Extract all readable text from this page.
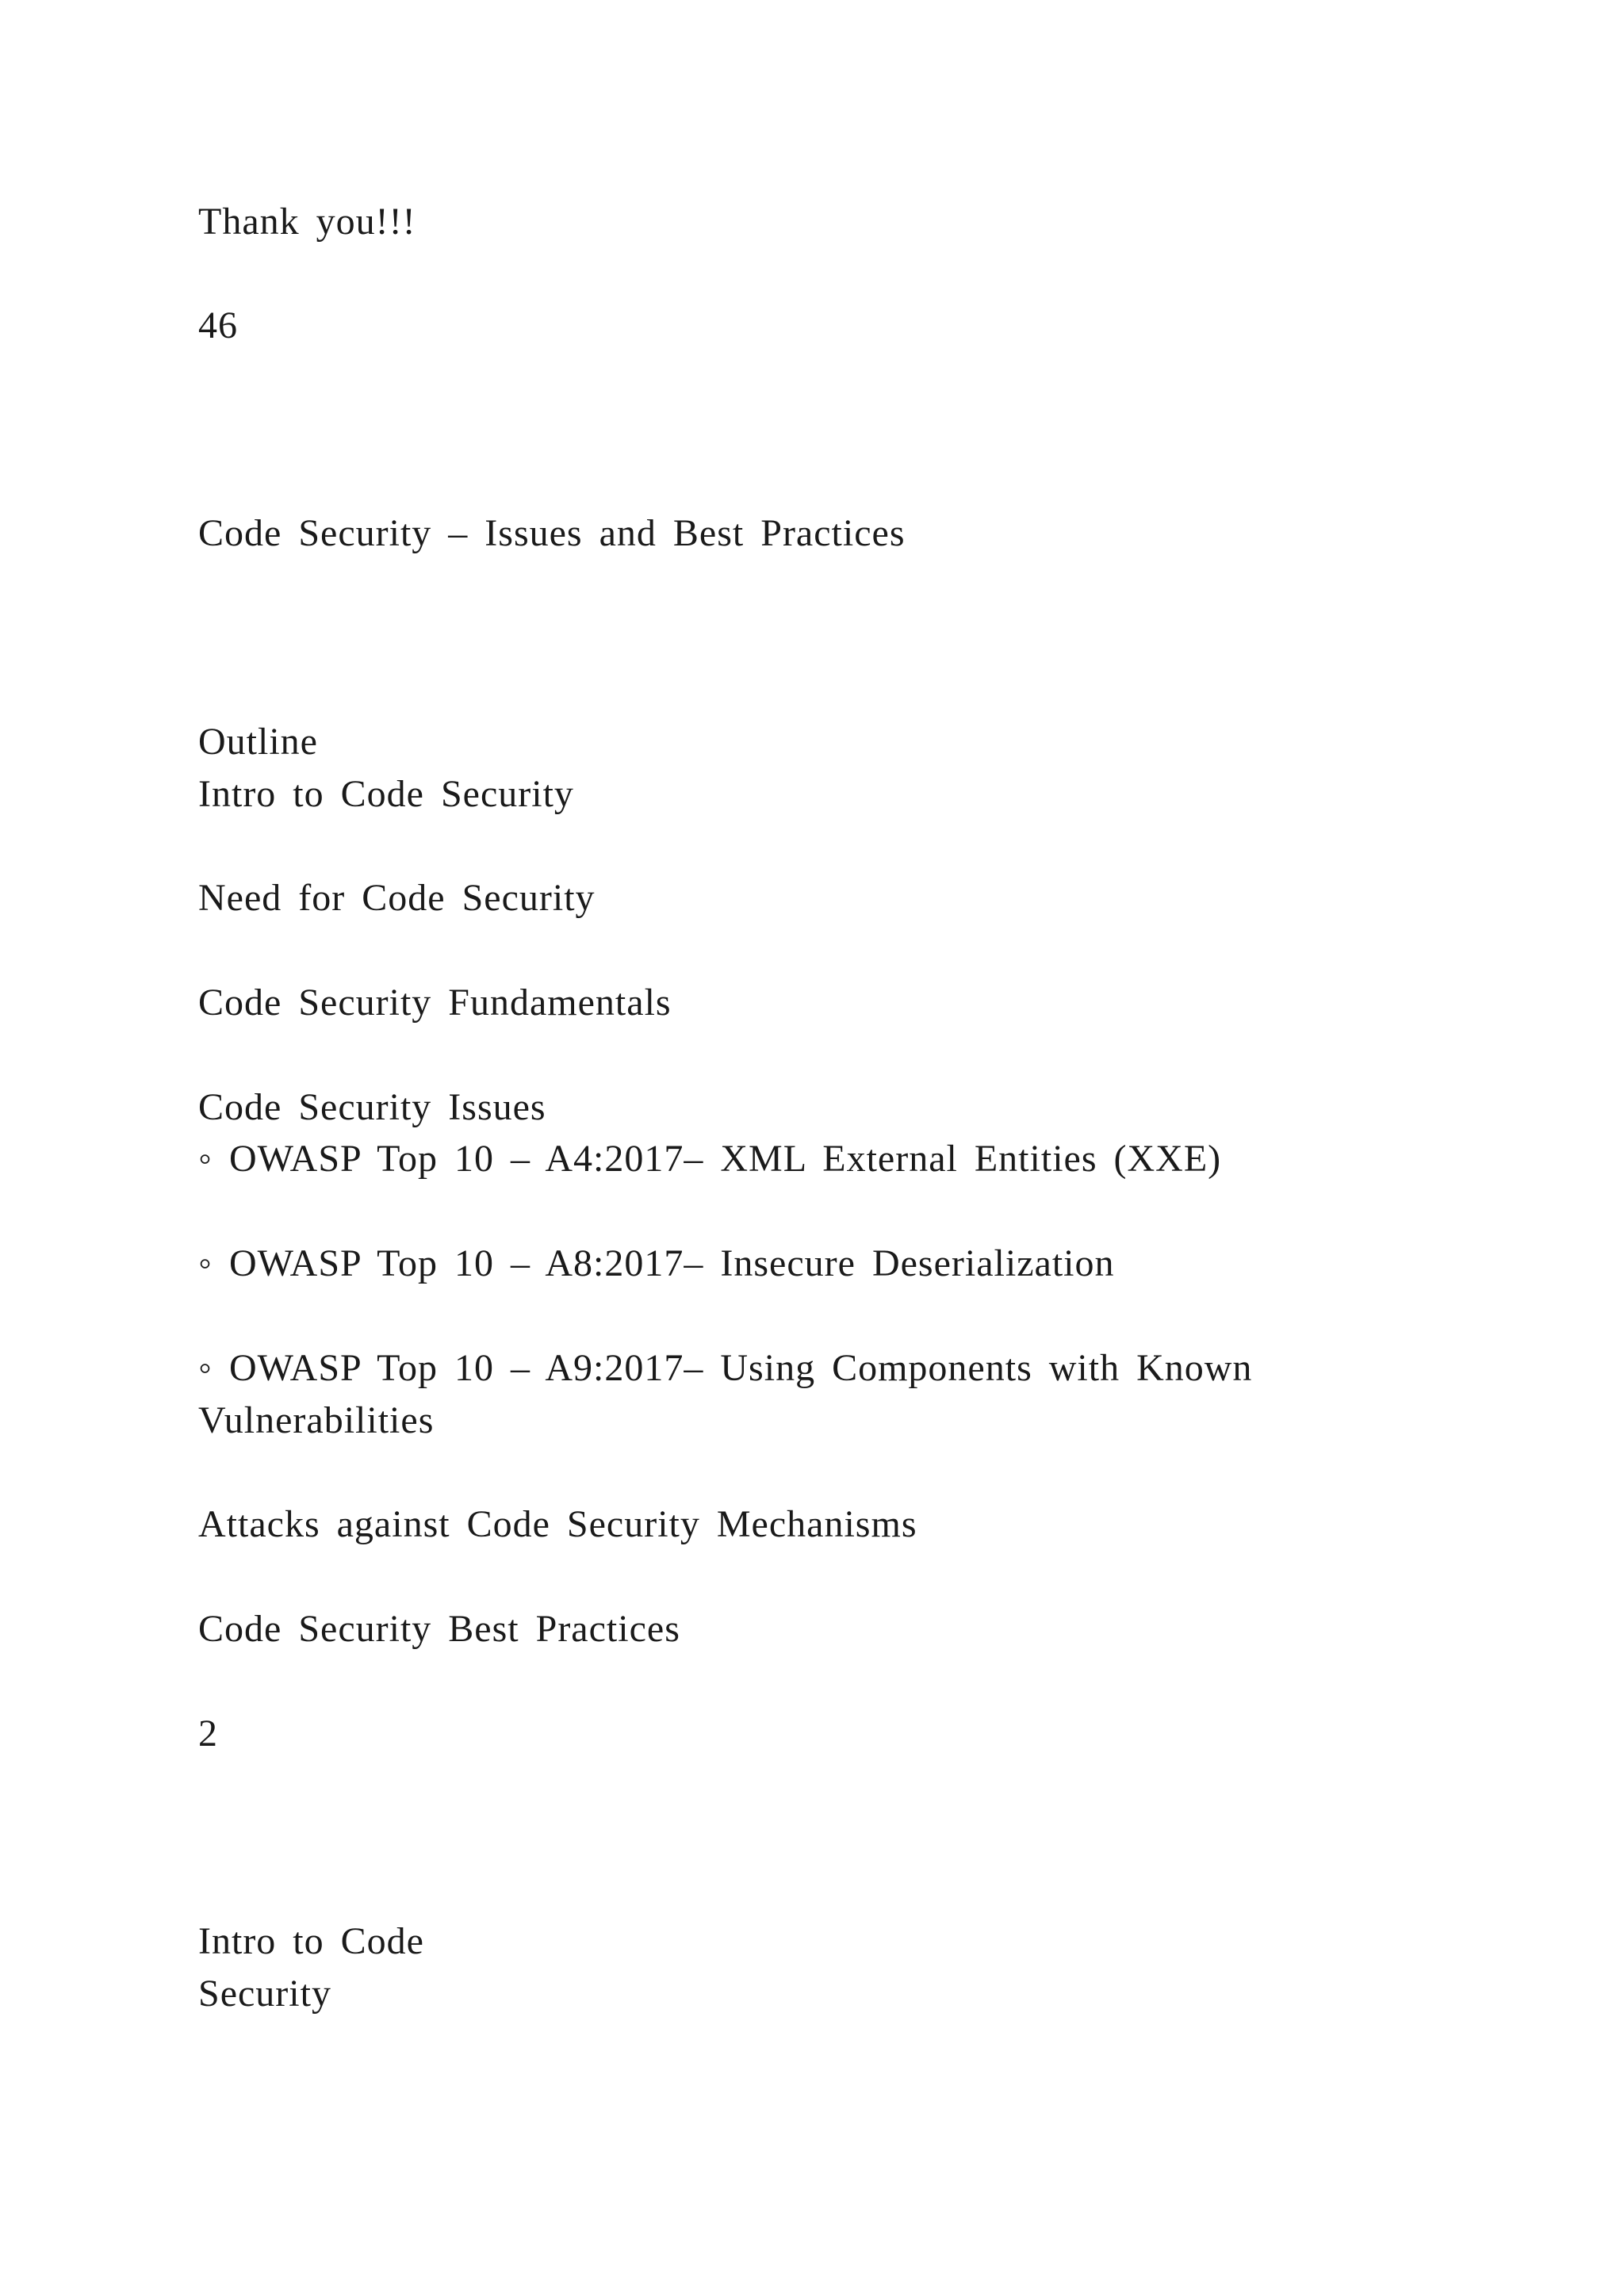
Thank you!!!
46
Code Security – Issues and Best Practices
Outline
Intro to Code Security
Need for Code Security
Code Security Fundamentals
Code Security Issues
◦ OWASP Top 10 – A4:2017– XML External Entities (XXE)
◦ OWASP Top 10 – A8:2017– Insecure Deserialization
◦ OWASP Top 10 – A9:2017– Using Components with Known
Vulnerabilities
Attacks against Code Security Mechanisms
Code Security Best Practices
2
Intro to Code
Security
